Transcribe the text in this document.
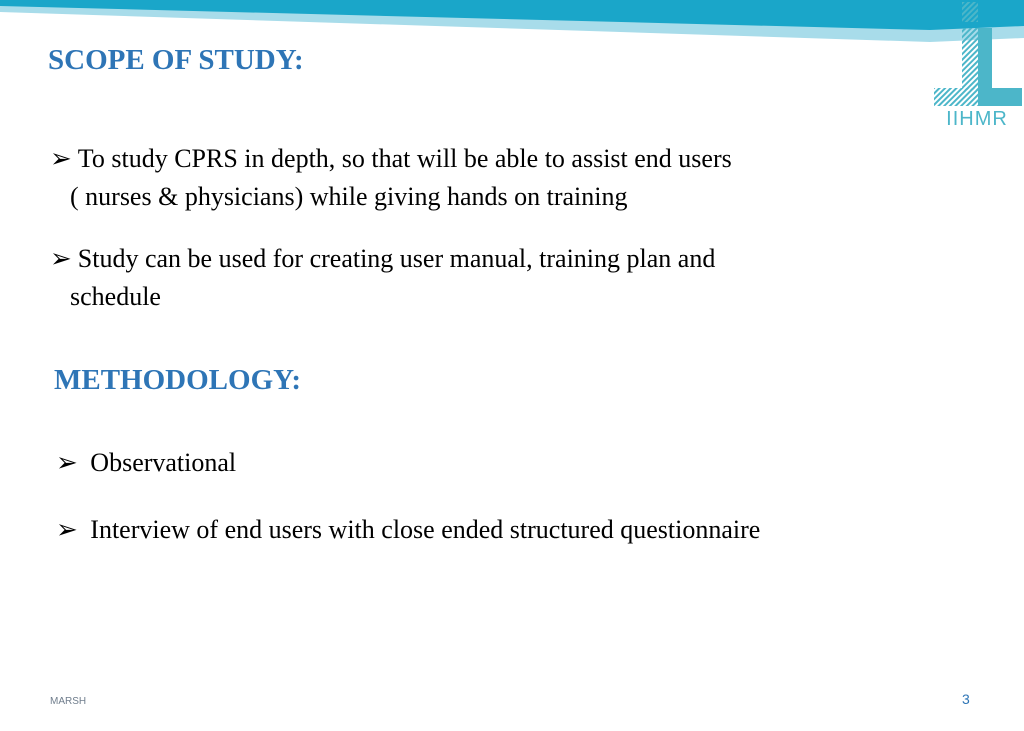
IIHMR
SCOPE OF STUDY:
➢ To study CPRS in depth, so that will be able to assist end users
( nurses & physicians) while giving hands on training
➢ Study can be used for creating user manual, training plan and
schedule
METHODOLOGY:
➢ Observational
➢ Interview of end users with close ended structured questionnaire
MARSH	3
